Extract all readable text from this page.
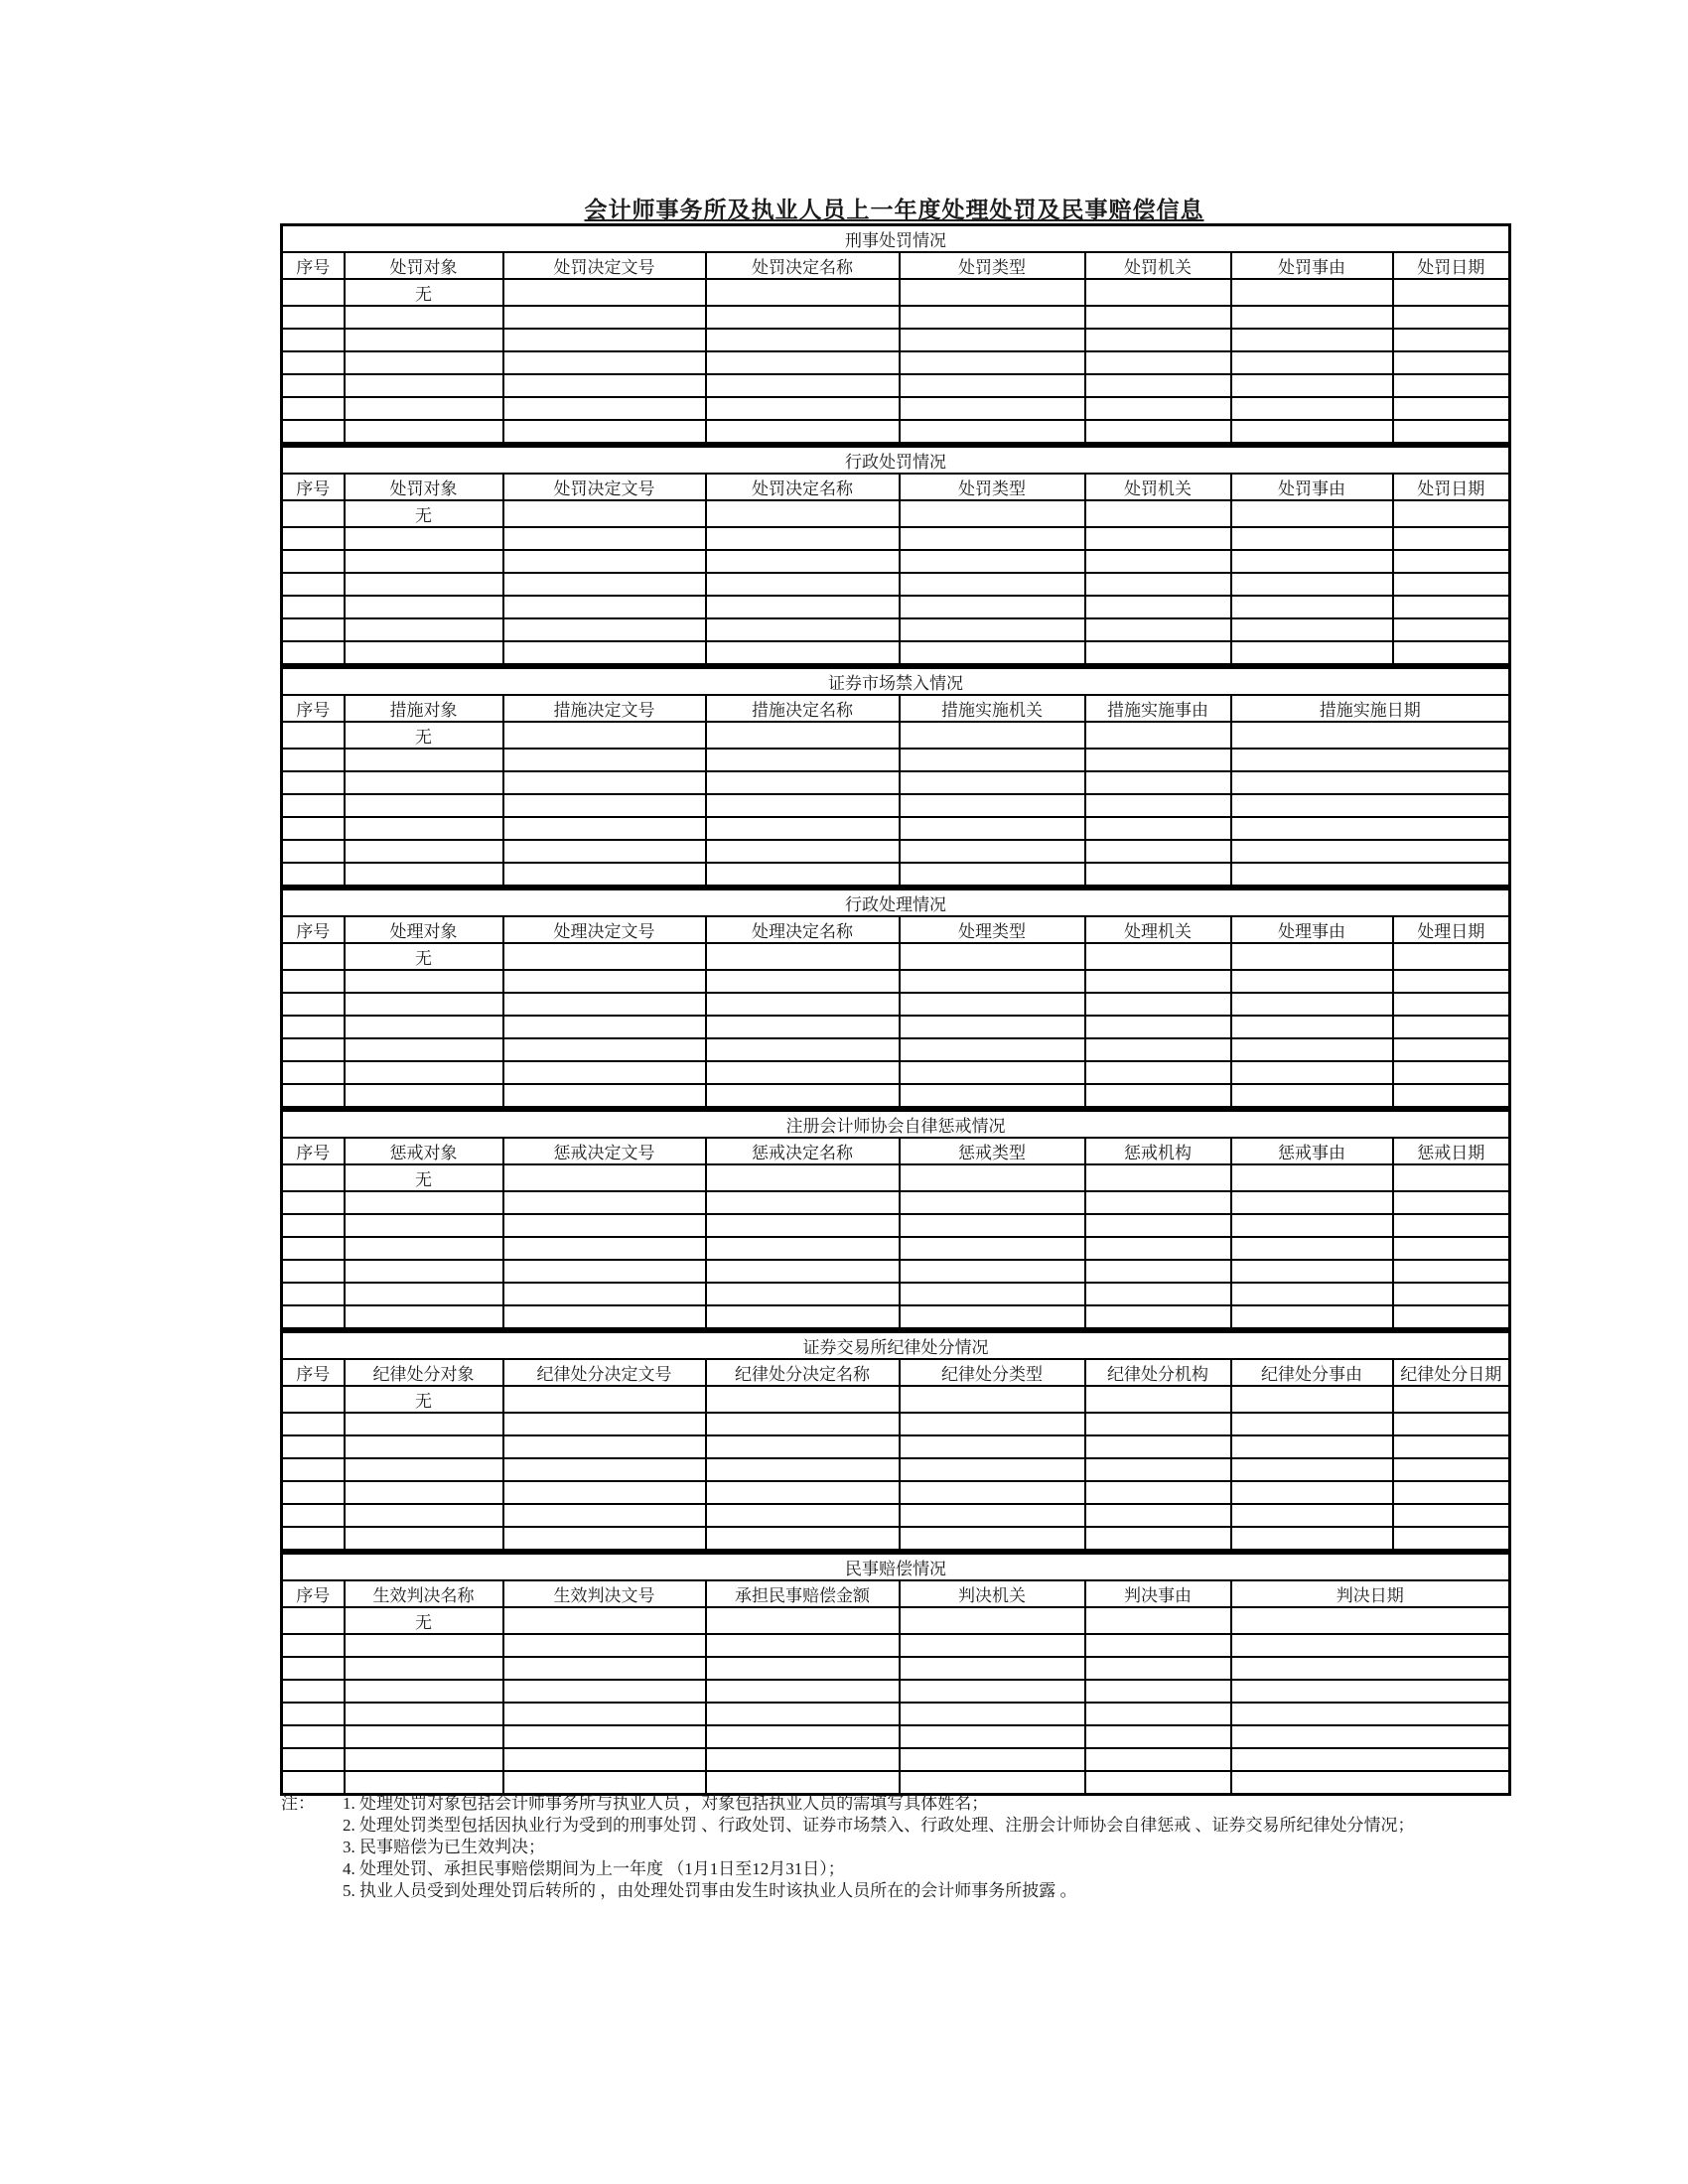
会计师事务所及执业人员上一年度处理处罚及民事赔偿信息
刑事处罚情况							
序号	处罚对象	处罚决定文号	处罚决定名称	处罚类型	处罚机关	处罚事由	处罚日期
	无						

行政处罚情况							
序号	处罚对象	处罚决定文号	处罚决定名称	处罚类型	处罚机关	处罚事由	处罚日期
	无						

证券市场禁入情况						
序号	措施对象	措施决定文号	措施决定名称	措施实施机关	措施实施事由	措施实施日期
	无					

行政处理情况							
序号	处理对象	处理决定文号	处理决定名称	处理类型	处理机关	处理事由	处理日期
	无						

注册会计师协会自律惩戒情况							
序号	惩戒对象	惩戒决定文号	惩戒决定名称	惩戒类型	惩戒机构	惩戒事由	惩戒日期
	无						

证券交易所纪律处分情况							
序号	纪律处分对象	纪律处分决定文号	纪律处分决定名称	纪律处分类型	纪律处分机构	纪律处分事由	纪律处分日期
	无						

民事赔偿情况						
序号	生效判决名称	生效判决文号	承担民事赔偿金额	判决机关	判决事由	判决日期
	无					

注：	1. 处理处罚对象包括会计师事务所与执业人员 ，对象包括执业人员的需填写具体姓名；
2. 处理处罚类型包括因执业行为受到的刑事处罚 、行政处罚、证券市场禁入、行政处理、注册会计师协会自律惩戒 、证券交易所纪律处分情况；
3. 民事赔偿为已生效判决；
4. 处理处罚、承担民事赔偿期间为上一年度 （1月1日至12月31日）；
5. 执业人员受到处理处罚后转所的 ，由处理处罚事由发生时该执业人员所在的会计师事务所披露 。
